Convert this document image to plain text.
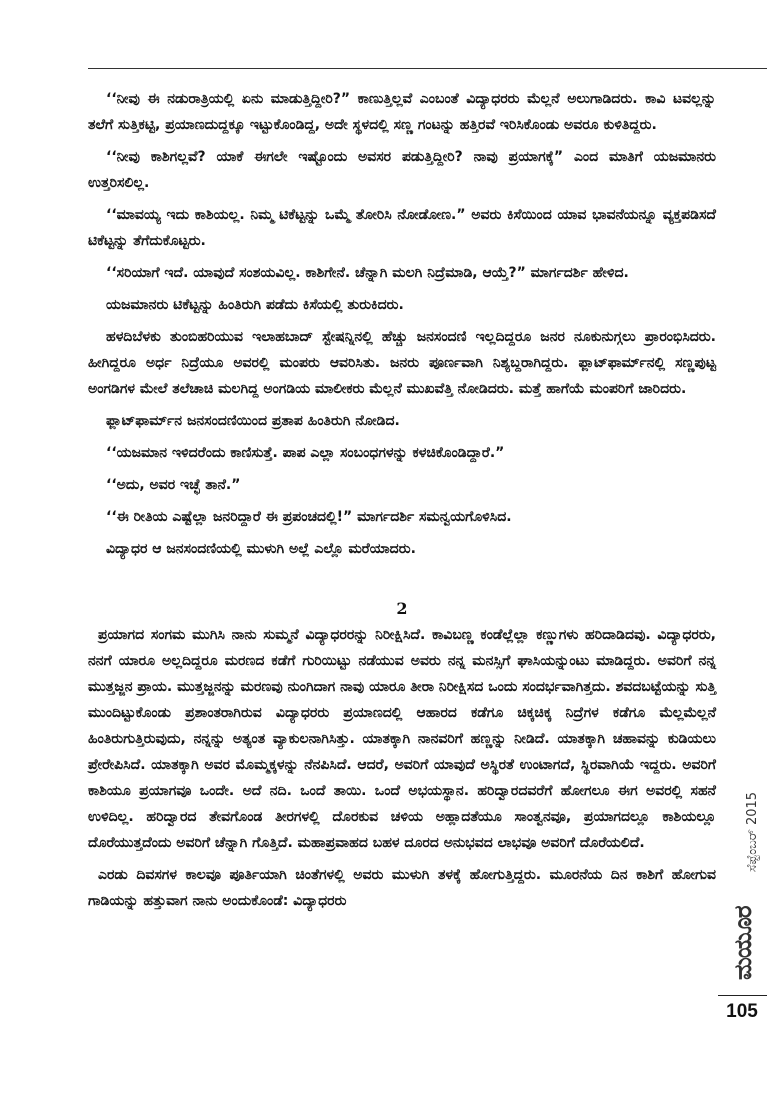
‘‘ನೀವು ಈ ನಡುರಾತ್ರಿಯಲ್ಲಿ ಏನು ಮಾಡುತ್ತಿದ್ದೀರಿ?” ಕಾಣುತ್ತಿಲ್ಲವೆ ಎಂಬಂತೆ ವಿದ್ಯಾಧರರು ಮೆಲ್ಲನೆ ಅಲುಗಾಡಿದರು. ಕಾವಿ ಟವಲ್ಲನ್ನು ತಲೆಗೆ ಸುತ್ತಿಕಟ್ಟಿ, ಪ್ರಯಾಣದುದ್ದಕ್ಕೂ ಇಟ್ಟುಕೊಂಡಿದ್ದ, ಅದೇ ಸ್ಥಳದಲ್ಲಿ ಸಣ್ಣ ಗಂಟನ್ನು ಹತ್ತಿರವೆ ಇರಿಸಿಕೊಂಡು ಅವರೂ ಕುಳಿತಿದ್ದರು.

‘‘ನೀವು ಕಾಶಿಗಲ್ಲವೆ? ಯಾಕೆ ಈಗಲೇ ಇಷ್ಟೊಂದು ಅವಸರ ಪಡುತ್ತಿದ್ದೀರಿ? ನಾವು ಪ್ರಯಾಗಕ್ಕೆ” ಎಂದ ಮಾತಿಗೆ ಯಜಮಾನರು ಉತ್ತರಿಸಲಿಲ್ಲ.

‘‘ಮಾವಯ್ಯ ಇದು ಕಾಶಿಯಲ್ಲ. ನಿಮ್ಮ ಟಿಕೆಟ್ಟನ್ನು ಒಮ್ಮೆ ತೋರಿಸಿ ನೋಡೋಣ.” ಅವರು ಕಿಸೆಯಿಂದ ಯಾವ ಭಾವನೆಯನ್ನೂ ವ್ಯಕ್ತಪಡಿಸದೆ ಟಿಕೆಟ್ಟನ್ನು ತೆಗೆದುಕೊಟ್ಟರು.

‘‘ಸರಿಯಾಗೆ ಇದೆ. ಯಾವುದೆ ಸಂಶಯವಿಲ್ಲ. ಕಾಶಿಗೇನೆ. ಚೆನ್ನಾಗಿ ಮಲಗಿ ನಿದ್ರೆಮಾಡಿ, ಆಯ್ತೆ?” ಮಾರ್ಗದರ್ಶಿ ಹೇಳಿದ.

ಯಜಮಾನರು ಟಿಕೆಟ್ಟನ್ನು ಹಿಂತಿರುಗಿ ಪಡೆದು ಕಿಸೆಯಲ್ಲಿ ತುರುಕಿದರು.

ಹಳದಿಬೆಳಕು ತುಂಬಿಹರಿಯುವ ಇಲಾಹಬಾದ್ ಸ್ಟೇಷನ್ನಿನಲ್ಲಿ ಹೆಚ್ಚು ಜನಸಂದಣಿ ಇಲ್ಲದಿದ್ದರೂ ಜನರ ನೂಕುನುಗ್ಗಲು ಪ್ರಾರಂಭಿಸಿದರು. ಹೀಗಿದ್ದರೂ ಅರ್ಧ ನಿದ್ರೆಯೂ ಅವರಲ್ಲಿ ಮಂಪರು ಆವರಿಸಿತು. ಜನರು ಪೂರ್ಣವಾಗಿ ನಿಶ್ಯಬ್ದರಾಗಿದ್ದರು. ಫ್ಲಾಟ್‌ಫಾರ್ಮ್‌ನಲ್ಲಿ ಸಣ್ಣಪುಟ್ಟ ಅಂಗಡಿಗಳ ಮೇಲೆ ತಲೆಚಾಚಿ ಮಲಗಿದ್ದ ಅಂಗಡಿಯ ಮಾಲೀಕರು ಮೆಲ್ಲನೆ ಮುಖವೆತ್ತಿ ನೋಡಿದರು. ಮತ್ತೆ ಹಾಗೆಯೆ ಮಂಪರಿಗೆ ಜಾರಿದರು.

ಫ್ಲಾಟ್‌ಫಾರ್ಮ್‌ನ ಜನಸಂದಣಿಯಿಂದ ಪ್ರತಾಪ ಹಿಂತಿರುಗಿ ನೋಡಿದ.

‘‘ಯಜಮಾನ ಇಳಿದರೆಂದು ಕಾಣಿಸುತ್ತೆ. ಪಾಪ ಎಲ್ಲಾ ಸಂಬಂಧಗಳನ್ನು ಕಳಚಿಕೊಂಡಿದ್ದಾರೆ.”

‘‘ಅದು, ಅವರ ಇಚ್ಛೆ ತಾನೆ.”

‘‘ಈ ರೀತಿಯ ಎಷ್ಟೆಲ್ಲಾ ಜನರಿದ್ದಾರೆ ಈ ಪ್ರಪಂಚದಲ್ಲಿ!” ಮಾರ್ಗದರ್ಶಿ ಸಮನ್ವಯಗೊಳಿಸಿದ.

ವಿದ್ಯಾಧರ ಆ ಜನಸಂದಣಿಯಲ್ಲಿ ಮುಳುಗಿ ಅಲ್ಲೆ ಎಲ್ಲೊ ಮರೆಯಾದರು.

2

ಪ್ರಯಾಗದ ಸಂಗಮ ಮುಗಿಸಿ ನಾನು ಸುಮ್ಮನೆ ವಿದ್ಯಾಧರರನ್ನು ನಿರೀಕ್ಷಿಸಿದೆ. ಕಾವಿಬಣ್ಣ ಕಂಡೆಲ್ಲೆಲ್ಲಾ ಕಣ್ಣುಗಳು ಹರಿದಾಡಿದವು. ವಿದ್ಯಾಧರರು, ನನಗೆ ಯಾರೂ ಅಲ್ಲದಿದ್ದರೂ ಮರಣದ ಕಡೆಗೆ ಗುರಿಯಿಟ್ಟು ನಡೆಯುವ ಅವರು ನನ್ನ ಮನಸ್ಸಿಗೆ ಘಾಸಿಯನ್ನುಂಟು ಮಾಡಿದ್ದರು. ಅವರಿಗೆ ನನ್ನ ಮುತ್ತಜ್ಜನ ಪ್ರಾಯ. ಮುತ್ತಜ್ಜನನ್ನು ಮರಣವು ನುಂಗಿದಾಗ ನಾವು ಯಾರೂ ತೀರಾ ನಿರೀಕ್ಷಿಸದ ಒಂದು ಸಂದರ್ಭವಾಗಿತ್ತದು. ಶವದಬಟ್ಟೆಯನ್ನು ಸುತ್ತಿ ಮುಂದಿಟ್ಟುಕೊಂಡು ಪ್ರಶಾಂತರಾಗಿರುವ ವಿದ್ಯಾಧರರು ಪ್ರಯಾಣದಲ್ಲಿ ಆಹಾರದ ಕಡೆಗೂ ಚಿಕ್ಕಚಿಕ್ಕ ನಿದ್ರೆಗಳ ಕಡೆಗೂ ಮೆಲ್ಲಮೆಲ್ಲನೆ ಹಿಂತಿರುಗುತ್ತಿರುವುದು, ನನ್ನನ್ನು ಅತ್ಯಂತ ವ್ಯಾಕುಲನಾಗಿಸಿತ್ತು. ಯಾತಕ್ಕಾಗಿ ನಾನವರಿಗೆ ಹಣ್ಣನ್ನು ನೀಡಿದೆ. ಯಾತಕ್ಕಾಗಿ ಚಹಾವನ್ನು ಕುಡಿಯಲು ಪ್ರೇರೇಪಿಸಿದೆ. ಯಾತಕ್ಕಾಗಿ ಅವರ ಮೊಮ್ಮಕ್ಕಳನ್ನು ನೆನಪಿಸಿದೆ. ಆದರೆ, ಅವರಿಗೆ ಯಾವುದೆ ಅಸ್ಥಿರತೆ ಉಂಟಾಗದೆ, ಸ್ಥಿರವಾಗಿಯೆ ಇದ್ದರು. ಅವರಿಗೆ ಕಾಶಿಯೂ ಪ್ರಯಾಗವೂ ಒಂದೇ. ಅದೆ ನದಿ. ಒಂದೆ ತಾಯಿ. ಒಂದೆ ಅಭಯಸ್ಥಾನ. ಹರಿದ್ವಾರದವರೆಗೆ ಹೋಗಲೂ ಈಗ ಅವರಲ್ಲಿ ಸಹನೆ ಉಳಿದಿಲ್ಲ. ಹರಿದ್ವಾರದ ತೇವಗೊಂಡ ತೀರಗಳಲ್ಲಿ ದೊರಕುವ ಚಳಿಯ ಅಹ್ಲಾದತೆಯೂ ಸಾಂತ್ವನವೂ, ಪ್ರಯಾಗದಲ್ಲೂ ಕಾಶಿಯಲ್ಲೂ ದೊರೆಯುತ್ತದೆಂದು ಅವರಿಗೆ ಚೆನ್ನಾಗಿ ಗೊತ್ತಿದೆ. ಮಹಾಪ್ರವಾಹದ ಬಹಳ ದೂರದ ಅನುಭವದ ಲಾಭವೂ ಅವರಿಗೆ ದೊರೆಯಲಿದೆ.

ಎರಡು ದಿವಸಗಳ ಕಾಲವೂ ಪೂರ್ತಿಯಾಗಿ ಚಿಂತೆಗಳಲ್ಲಿ ಅವರು ಮುಳುಗಿ ತಳಕ್ಕೆ ಹೋಗುತ್ತಿದ್ದರು. ಮೂರನೆಯ ದಿನ ಕಾಶಿಗೆ ಹೋಗುವ ಗಾಡಿಯನ್ನು ಹತ್ತುವಾಗ ನಾನು ಅಂದುಕೊಂಡೆ: ವಿದ್ಯಾಧರರು

ಸೆಪ್ಟೆಂಬರ್ 2015
ಮಯೂರ
105
